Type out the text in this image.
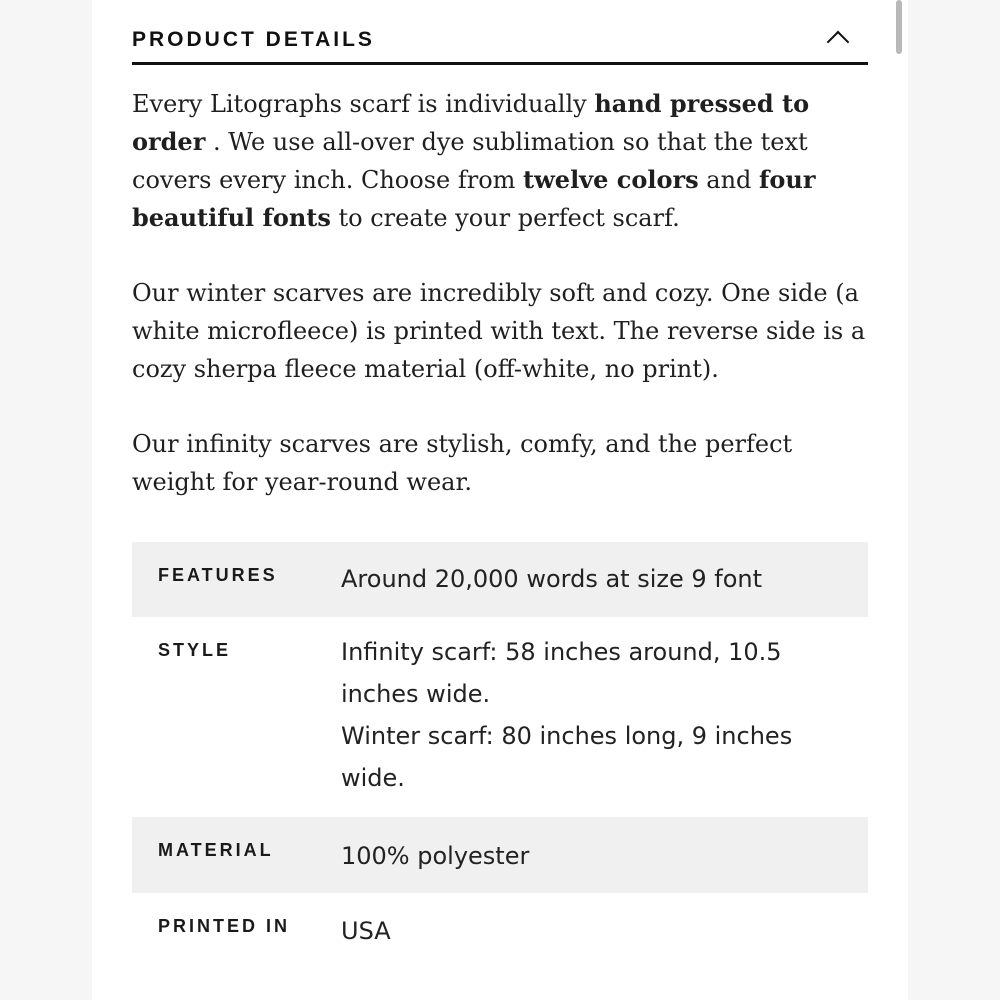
PRODUCT DETAILS

Every Litographs scarf is individually hand pressed to order . We use all-over dye sublimation so that the text covers every inch. Choose from twelve colors and four beautiful fonts to create your perfect scarf.

Our winter scarves are incredibly soft and cozy. One side (a white microfleece) is printed with text. The reverse side is a cozy sherpa fleece material (off-white, no print).

Our infinity scarves are stylish, comfy, and the perfect weight for year-round wear.

FEATURES	Around 20,000 words at size 9 font
STYLE	Infinity scarf: 58 inches around, 10.5 inches wide.
Winter scarf: 80 inches long, 9 inches wide.
MATERIAL	100% polyester
PRINTED IN	USA
